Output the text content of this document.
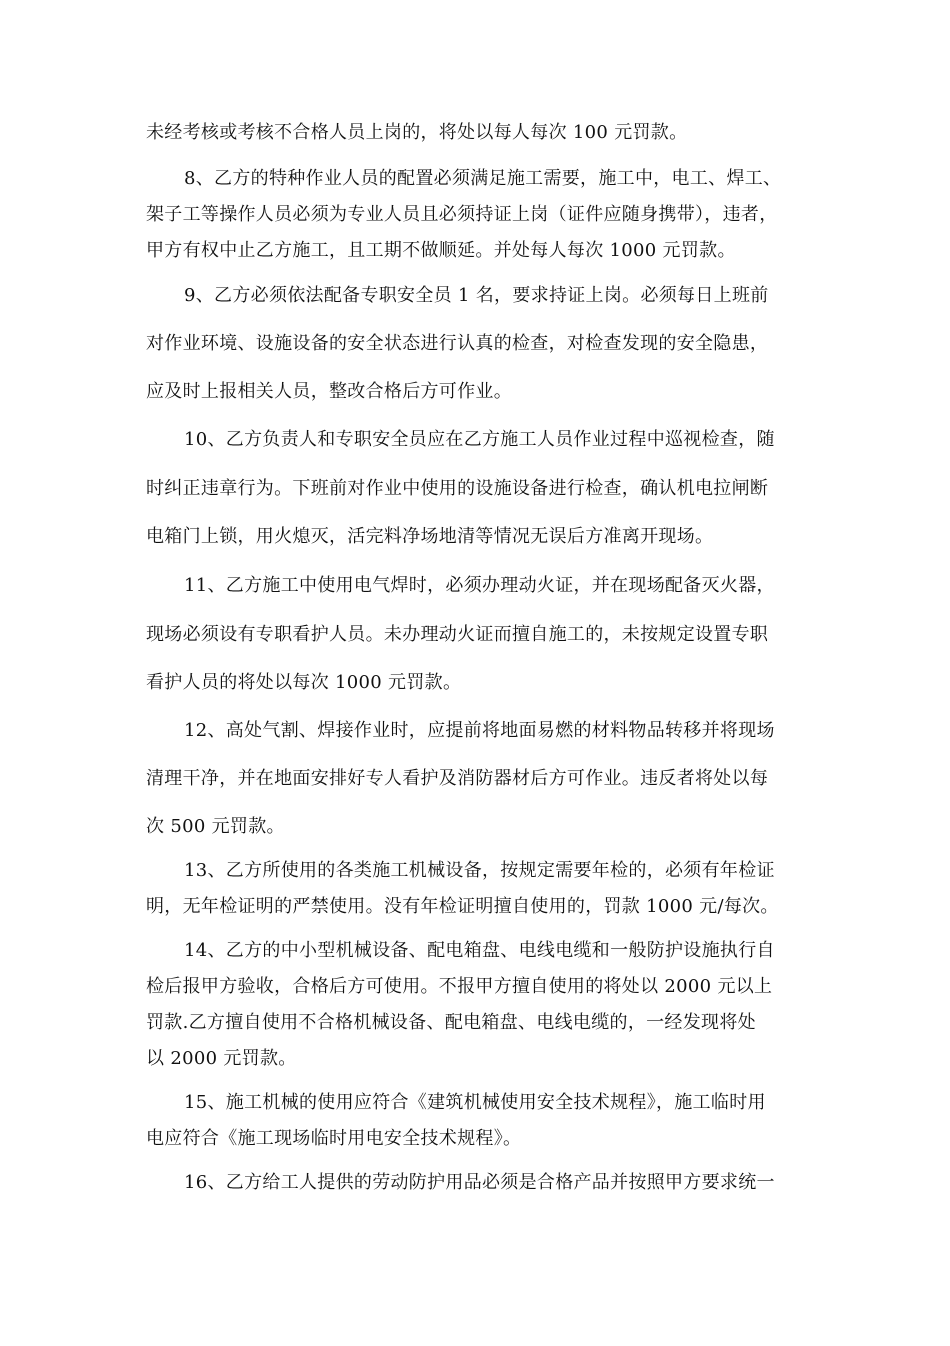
未经考核或考核不合格人员上岗的，将处以每人每次 100 元罚款。
8、乙方的特种作业人员的配置必须满足施工需要，施工中，电工、焊工、
架子工等操作人员必须为专业人员且必须持证上岗（证件应随身携带），违者，
甲方有权中止乙方施工，且工期不做顺延。并处每人每次 1000 元罚款。
9、乙方必须依法配备专职安全员 1 名，要求持证上岗。必须每日上班前
对作业环境、设施设备的安全状态进行认真的检查，对检查发现的安全隐患，
应及时上报相关人员，整改合格后方可作业。
10、乙方负责人和专职安全员应在乙方施工人员作业过程中巡视检查，随
时纠正违章行为。下班前对作业中使用的设施设备进行检查，确认机电拉闸断
电箱门上锁，用火熄灭，活完料净场地清等情况无误后方准离开现场。
11、乙方施工中使用电气焊时，必须办理动火证，并在现场配备灭火器，
现场必须设有专职看护人员。未办理动火证而擅自施工的，未按规定设置专职
看护人员的将处以每次 1000 元罚款。
12、高处气割、焊接作业时，应提前将地面易燃的材料物品转移并将现场
清理干净，并在地面安排好专人看护及消防器材后方可作业。违反者将处以每
次 500 元罚款。
13、乙方所使用的各类施工机械设备，按规定需要年检的，必须有年检证
明，无年检证明的严禁使用。没有年检证明擅自使用的，罚款 1000 元/每次。
14、乙方的中小型机械设备、配电箱盘、电线电缆和一般防护设施执行自
检后报甲方验收，合格后方可使用。不报甲方擅自使用的将处以 2000 元以上
罚款.乙方擅自使用不合格机械设备、配电箱盘、电线电缆的，一经发现将处
以 2000 元罚款。
15、施工机械的使用应符合《建筑机械使用安全技术规程》，施工临时用
电应符合《施工现场临时用电安全技术规程》。
16、乙方给工人提供的劳动防护用品必须是合格产品并按照甲方要求统一
